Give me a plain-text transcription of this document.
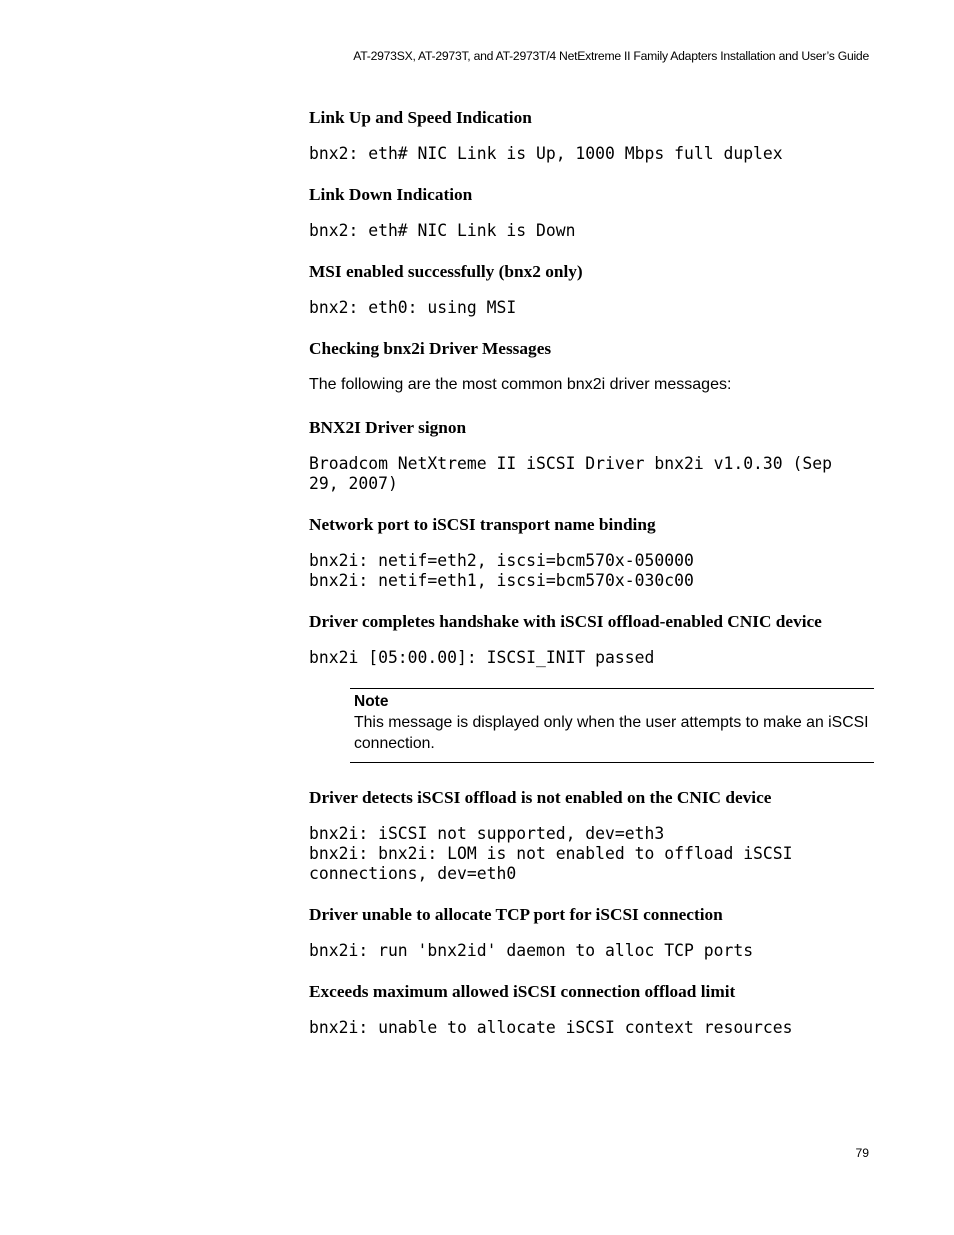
AT-2973SX, AT-2973T, and AT-2973T/4 NetExtreme II Family Adapters Installation and User’s Guide
Link Up and Speed Indication
bnx2: eth# NIC Link is Up, 1000 Mbps full duplex
Link Down Indication
bnx2: eth# NIC Link is Down
MSI enabled successfully (bnx2 only)
bnx2: eth0: using MSI
Checking bnx2i Driver Messages
The following are the most common bnx2i driver messages:
BNX2I Driver signon
Broadcom NetXtreme II iSCSI Driver bnx2i v1.0.30 (Sep
29, 2007)
Network port to iSCSI transport name binding
bnx2i: netif=eth2, iscsi=bcm570x-050000
bnx2i: netif=eth1, iscsi=bcm570x-030c00
Driver completes handshake with iSCSI offload-enabled CNIC device
bnx2i [05:00.00]: ISCSI_INIT passed
Note
This message is displayed only when the user attempts to make an iSCSI connection.
Driver detects iSCSI offload is not enabled on the CNIC device
bnx2i: iSCSI not supported, dev=eth3
bnx2i: bnx2i: LOM is not enabled to offload iSCSI
connections, dev=eth0
Driver unable to allocate TCP port for iSCSI connection
bnx2i: run 'bnx2id' daemon to alloc TCP ports
Exceeds maximum allowed iSCSI connection offload limit
bnx2i: unable to allocate iSCSI context resources
79
